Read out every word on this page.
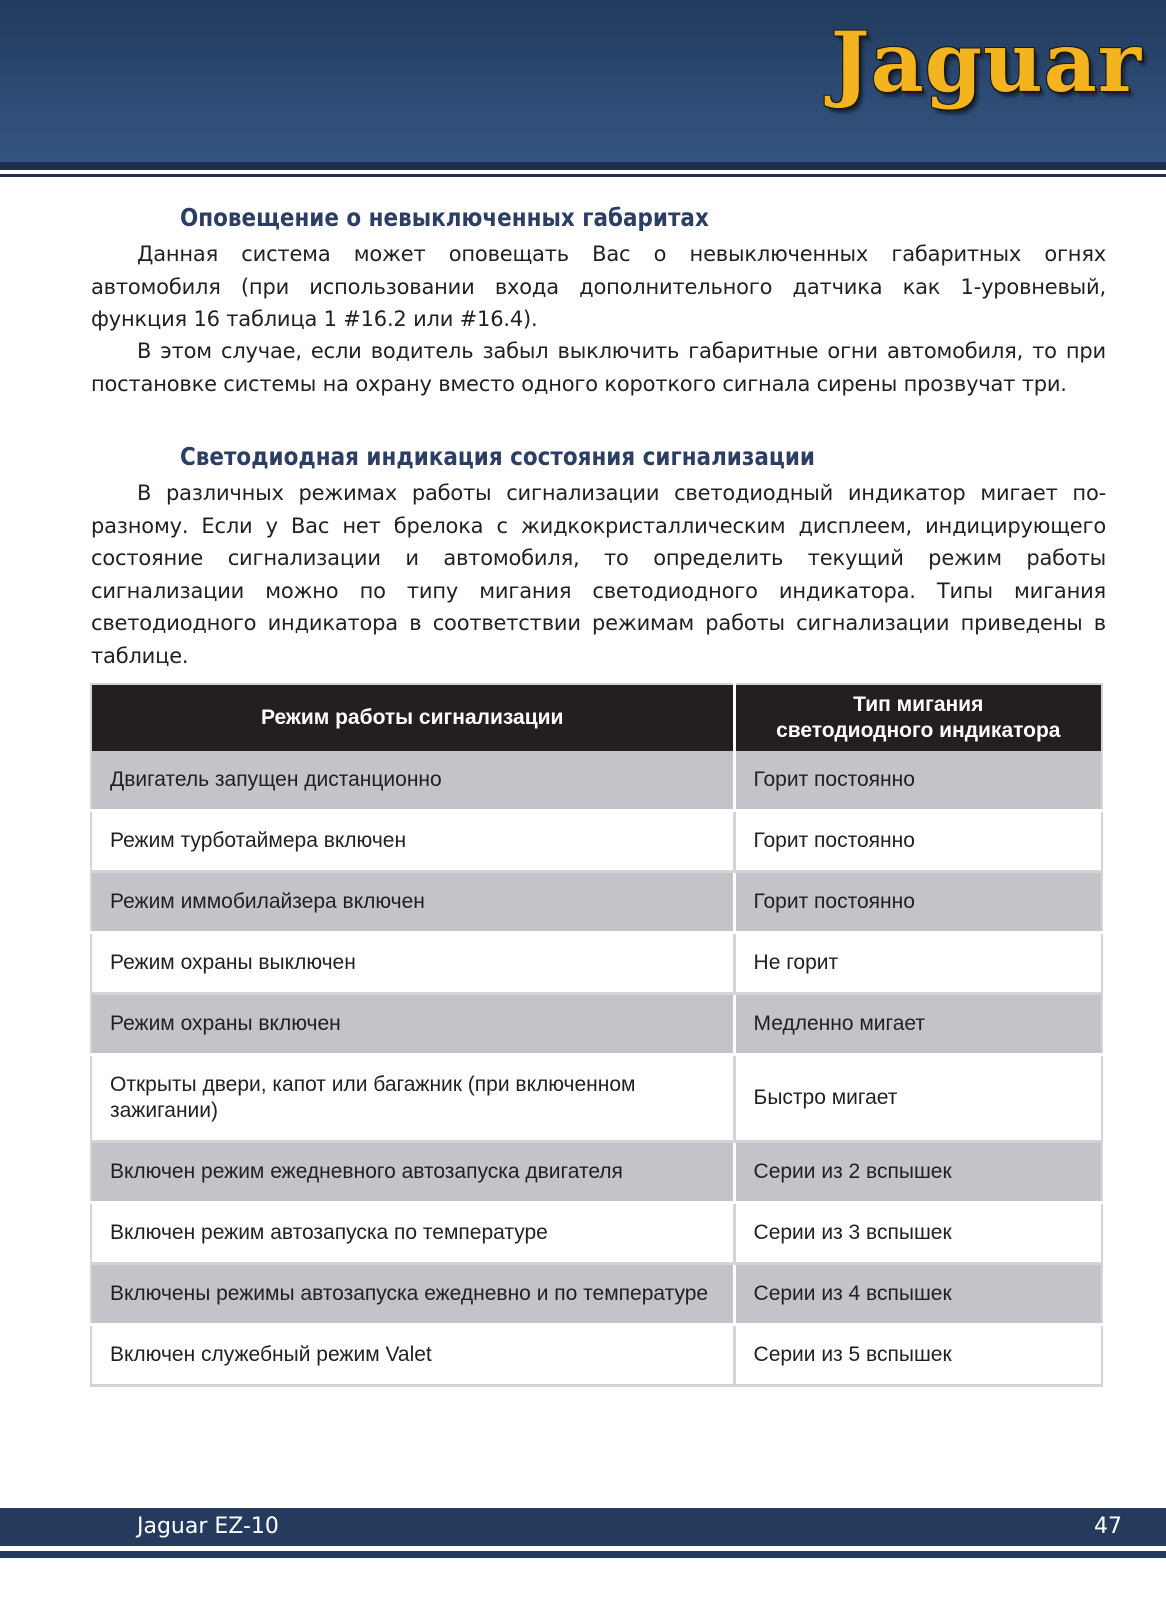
Jaguar
Оповещение о невыключенных габаритах

Данная система может оповещать Вас о невыключенных габаритных огнях автомобиля (при использовании входа дополнительного датчика как 1-уровневый, функция 16 таблица 1 #16.2 или #16.4).

В этом случае, если водитель забыл выключить габаритные огни автомобиля, то при постановке системы на охрану вместо одного короткого сигнала сирены прозвучат три.

Светодиодная индикация состояния сигнализации

В различных режимах работы сигнализации светодиодный индикатор мигает по-разному. Если у Вас нет брелока с жидкокристаллическим дисплеем, индицирующего состояние сигнализации и автомобиля, то определить текущий режим работы сигнализации можно по типу мигания светодиодного индикатора. Типы мигания светодиодного индикатора в соответствии режимам работы сигнализации приведены в таблице.

Режим работы сигнализации	Тип мигания
светодиодного индикатора
Двигатель запущен дистанционно	Горит постоянно
Режим турботаймера включен	Горит постоянно
Режим иммобилайзера включен	Горит постоянно
Режим охраны выключен	Не горит
Режим охраны включен	Медленно мигает
Открыты двери, капот или багажник (при включенном зажигании)	Быстро мигает
Включен режим ежедневного автозапуска двигателя	Серии из 2 вспышек
Включен режим автозапуска по температуре	Серии из 3 вспышек
Включены режимы автозапуска ежедневно и по температуре	Серии из 4 вспышек
Включен служебный режим Valet	Серии из 5 вспышек
Jaguar EZ-10	47
